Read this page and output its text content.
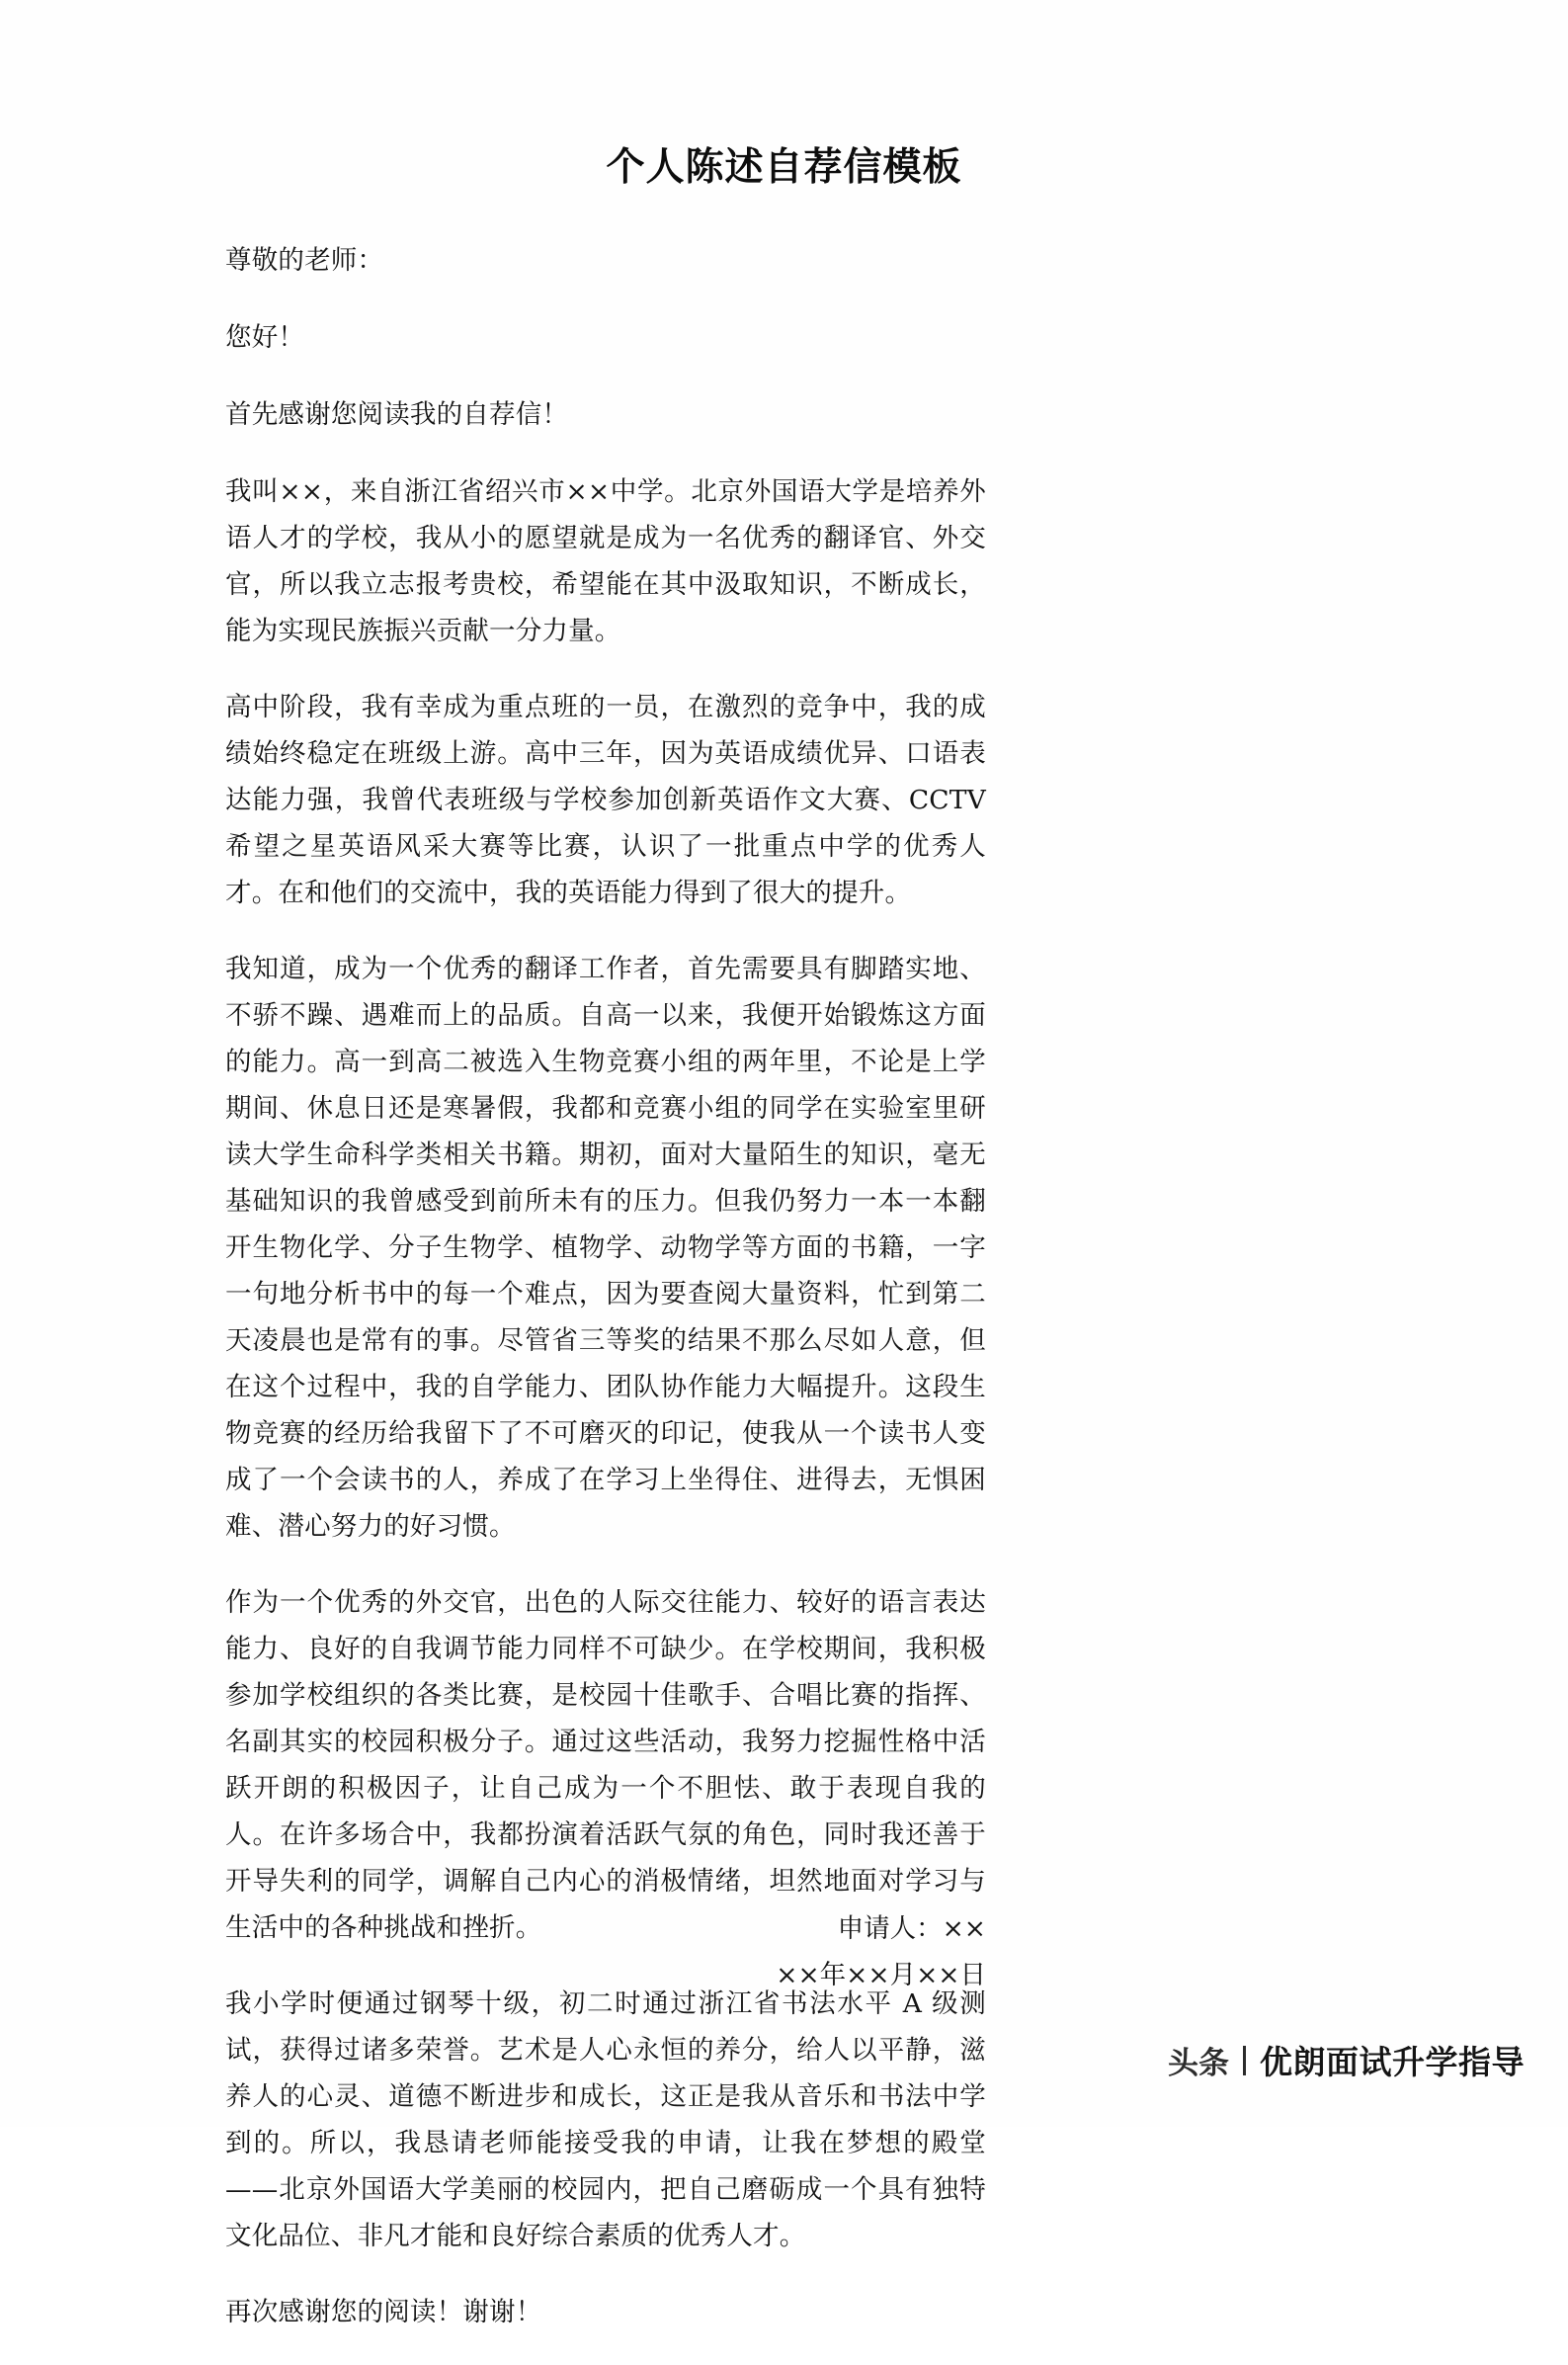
个人陈述自荐信模板

尊敬的老师：

您好！

首先感谢您阅读我的自荐信！

我叫××，来自浙江省绍兴市××中学。北京外国语大学是培养外语人才的学校，我从小的愿望就是成为一名优秀的翻译官、外交官，所以我立志报考贵校，希望能在其中汲取知识，不断成长，能为实现民族振兴贡献一分力量。

高中阶段，我有幸成为重点班的一员，在激烈的竞争中，我的成绩始终稳定在班级上游。高中三年，因为英语成绩优异、口语表达能力强，我曾代表班级与学校参加创新英语作文大赛、CCTV 希望之星英语风采大赛等比赛，认识了一批重点中学的优秀人才。在和他们的交流中，我的英语能力得到了很大的提升。

我知道，成为一个优秀的翻译工作者，首先需要具有脚踏实地、不骄不躁、遇难而上的品质。自高一以来，我便开始锻炼这方面的能力。高一到高二被选入生物竞赛小组的两年里，不论是上学期间、休息日还是寒暑假，我都和竞赛小组的同学在实验室里研读大学生命科学类相关书籍。期初，面对大量陌生的知识，毫无基础知识的我曾感受到前所未有的压力。但我仍努力一本一本翻开生物化学、分子生物学、植物学、动物学等方面的书籍，一字一句地分析书中的每一个难点，因为要查阅大量资料，忙到第二天凌晨也是常有的事。尽管省三等奖的结果不那么尽如人意，但在这个过程中，我的自学能力、团队协作能力大幅提升。这段生物竞赛的经历给我留下了不可磨灭的印记，使我从一个读书人变成了一个会读书的人，养成了在学习上坐得住、进得去，无惧困难、潜心努力的好习惯。

作为一个优秀的外交官，出色的人际交往能力、较好的语言表达能力、良好的自我调节能力同样不可缺少。在学校期间，我积极参加学校组织的各类比赛，是校园十佳歌手、合唱比赛的指挥、名副其实的校园积极分子。通过这些活动，我努力挖掘性格中活跃开朗的积极因子，让自己成为一个不胆怯、敢于表现自我的人。在许多场合中，我都扮演着活跃气氛的角色，同时我还善于开导失利的同学，调解自己内心的消极情绪，坦然地面对学习与生活中的各种挑战和挫折。

我小学时便通过钢琴十级，初二时通过浙江省书法水平 A 级测试，获得过诸多荣誉。艺术是人心永恒的养分，给人以平静，滋养人的心灵、道德不断进步和成长，这正是我从音乐和书法中学到的。所以，我恳请老师能接受我的申请，让我在梦想的殿堂——北京外国语大学美丽的校园内，把自己磨砺成一个具有独特文化品位、非凡才能和良好综合素质的优秀人才。

再次感谢您的阅读！谢谢！

申请人：××
××年××月××日
头条 优朗面试升学指导
